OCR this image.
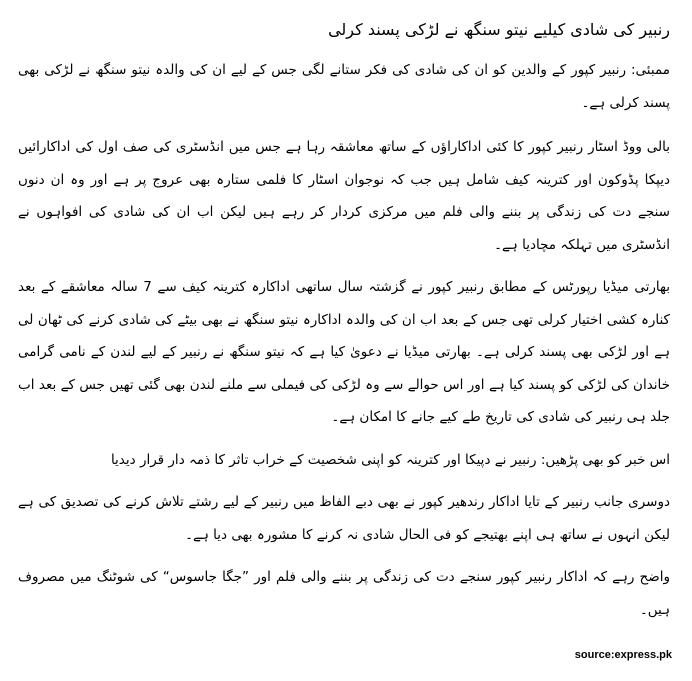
رنبیر کی شادی کیلیے نیتو سنگھ نے لڑکی پسند کرلی

ممبئی: رنبیر کپور کے والدین کو ان کی شادی کی فکر ستانے لگی جس کے لیے ان کی والدہ نیتو سنگھ نے لڑکی بھی پسند کرلی ہے۔

بالی ووڈ اسٹار رنبیر کپور کا کئی اداکاراؤں کے ساتھ معاشقہ رہا ہے جس میں انڈسٹری کی صف اول کی اداکارائیں دیپکا پڈوکون اور کترینہ کیف شامل ہیں جب کہ نوجوان اسٹار کا فلمی ستارہ بھی عروج پر ہے اور وہ ان دنوں سنجے دت کی زندگی پر بننے والی فلم میں مرکزی کردار کر رہے ہیں لیکن اب ان کی شادی کی افواہوں نے انڈسٹری میں تہلکہ مچادیا ہے۔

بھارتی میڈیا رپورٹس کے مطابق رنبیر کپور نے گزشتہ سال ساتھی اداکارہ کترینہ کیف سے 7 سالہ معاشقے کے بعد کنارہ کشی اختیار کرلی تھی جس کے بعد اب ان کی والدہ اداکارہ نیتو سنگھ نے بھی بیٹے کی شادی کرنے کی ٹھان لی ہے اور لڑکی بھی پسند کرلی ہے۔ بھارتی میڈیا نے دعویٰ کیا ہے کہ نیتو سنگھ نے رنبیر کے لیے لندن کے نامی گرامی خاندان کی لڑکی کو پسند کیا ہے اور اس حوالے سے وہ لڑکی کی فیملی سے ملنے لندن بھی گئی تھیں جس کے بعد اب جلد ہی رنبیر کی شادی کی تاریخ طے کیے جانے کا امکان ہے۔

اس خبر کو بھی پڑھیں: رنبیر نے دپیکا اور کترینہ کو اپنی شخصیت کے خراب تاثر کا ذمہ دار قرار دیدیا

دوسری جانب رنبیر کے تایا اداکار رندھیر کپور نے بھی دبے الفاظ میں رنبیر کے لیے رشتے تلاش کرنے کی تصدیق کی ہے لیکن انہوں نے ساتھ ہی اپنے بھتیجے کو فی الحال شادی نہ کرنے کا مشورہ بھی دیا ہے۔

واضح رہے کہ اداکار رنبیر کپور سنجے دت کی زندگی پر بننے والی فلم اور ”جگا جاسوس“ کی شوٹنگ میں مصروف ہیں۔

source:express.pk
